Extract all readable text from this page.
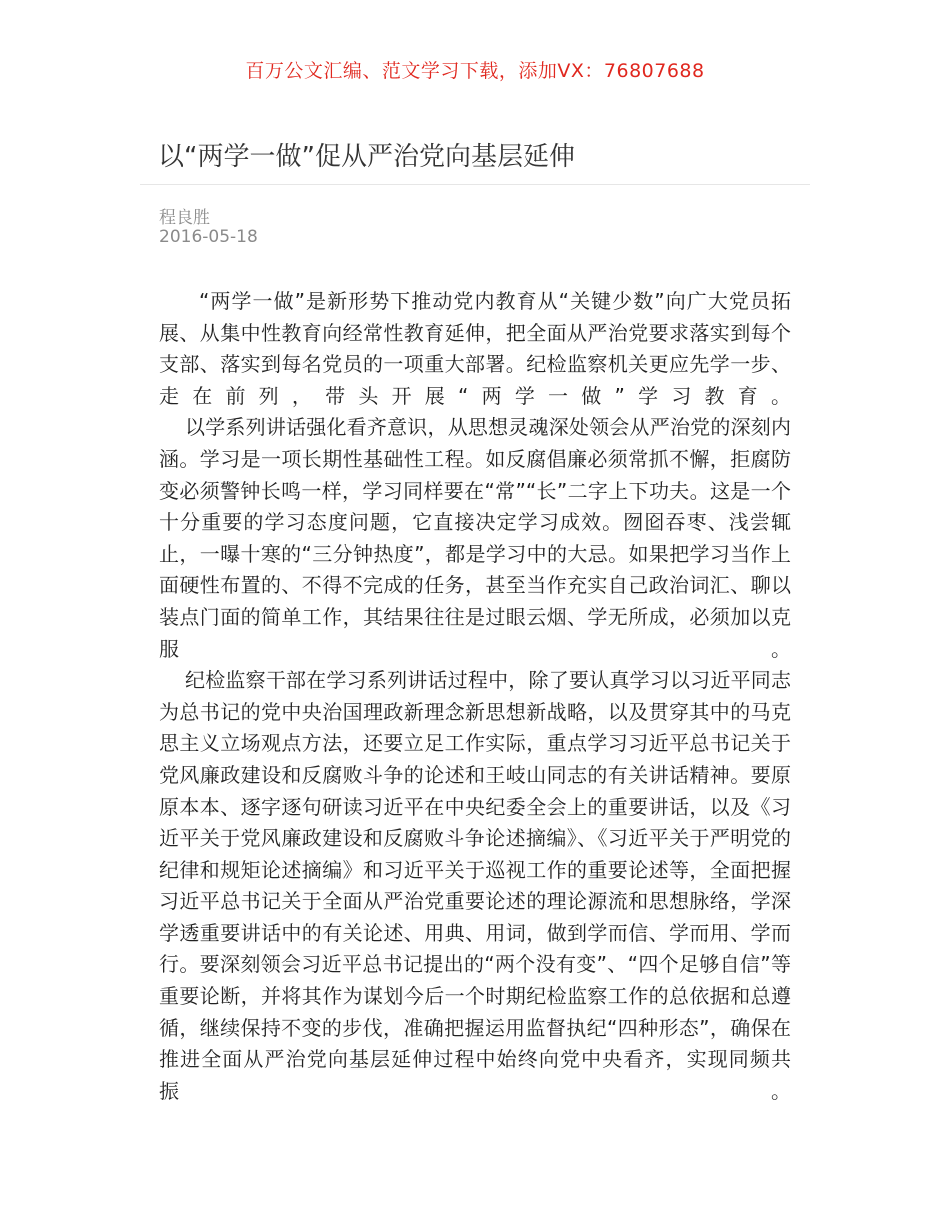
百万公文汇编、范文学习下载，添加VX：76807688
以“两学一做”促从严治党向基层延伸
程良胜
2016-05-18

“两学一做”是新形势下推动党内教育从“关键少数”向广大党员拓展、从集中性教育向经常性教育延伸，把全面从严治党要求落实到每个支部、落实到每名党员的一项重大部署。纪检监察机关更应先学一步、走在前列，带头开展“两学一做”学习教育。

以学系列讲话强化看齐意识，从思想灵魂深处领会从严治党的深刻内涵。学习是一项长期性基础性工程。如反腐倡廉必须常抓不懈，拒腐防变必须警钟长鸣一样，学习同样要在“常”“长”二字上下功夫。这是一个十分重要的学习态度问题，它直接决定学习成效。囫囵吞枣、浅尝辄止，一曝十寒的“三分钟热度”，都是学习中的大忌。如果把学习当作上面硬性布置的、不得不完成的任务，甚至当作充实自己政治词汇、聊以装点门面的简单工作，其结果往往是过眼云烟、学无所成，必须加以克服。

纪检监察干部在学习系列讲话过程中，除了要认真学习以习近平同志为总书记的党中央治国理政新理念新思想新战略，以及贯穿其中的马克思主义立场观点方法，还要立足工作实际，重点学习习近平总书记关于党风廉政建设和反腐败斗争的论述和王岐山同志的有关讲话精神。要原原本本、逐字逐句研读习近平在中央纪委全会上的重要讲话，以及《习近平关于党风廉政建设和反腐败斗争论述摘编》、《习近平关于严明党的纪律和规矩论述摘编》和习近平关于巡视工作的重要论述等，全面把握习近平总书记关于全面从严治党重要论述的理论源流和思想脉络，学深学透重要讲话中的有关论述、用典、用词，做到学而信、学而用、学而行。要深刻领会习近平总书记提出的“两个没有变”、“四个足够自信”等重要论断，并将其作为谋划今后一个时期纪检监察工作的总依据和总遵循，继续保持不变的步伐，准确把握运用监督执纪“四种形态”，确保在推进全面从严治党向基层延伸过程中始终向党中央看齐，实现同频共振。
